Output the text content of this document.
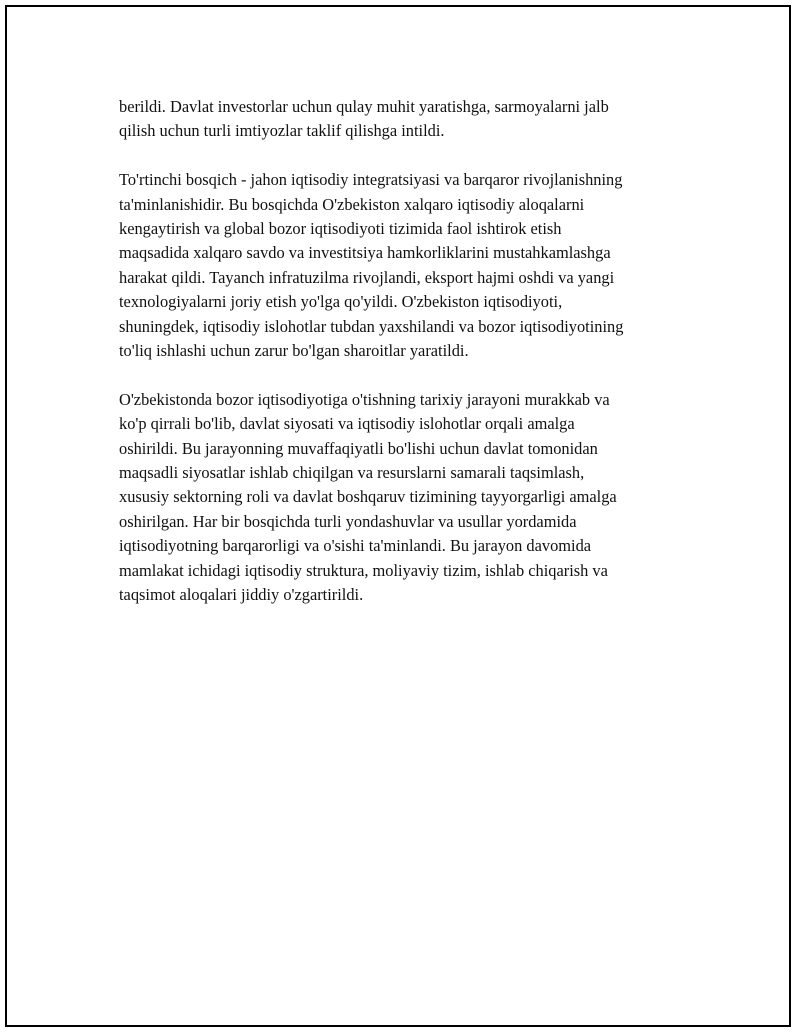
berildi. Davlat investorlar uchun qulay muhit yaratishga, sarmoyalarni jalb
qilish uchun turli imtiyozlar taklif qilishga intildi.

To'rtinchi bosqich - jahon iqtisodiy integratsiyasi va barqaror rivojlanishning
ta'minlanishidir. Bu bosqichda O'zbekiston xalqaro iqtisodiy aloqalarni
kengaytirish va global bozor iqtisodiyoti tizimida faol ishtirok etish
maqsadida xalqaro savdo va investitsiya hamkorliklarini mustahkamlashga
harakat qildi. Tayanch infratuzilma rivojlandi, eksport hajmi oshdi va yangi
texnologiyalarni joriy etish yo'lga qo'yildi. O'zbekiston iqtisodiyoti,
shuningdek, iqtisodiy islohotlar tubdan yaxshilandi va bozor iqtisodiyotining
to'liq ishlashi uchun zarur bo'lgan sharoitlar yaratildi.

O'zbekistonda bozor iqtisodiyotiga o'tishning tarixiy jarayoni murakkab va
ko'p qirrali bo'lib, davlat siyosati va iqtisodiy islohotlar orqali amalga
oshirildi. Bu jarayonning muvaffaqiyatli bo'lishi uchun davlat tomonidan
maqsadli siyosatlar ishlab chiqilgan va resurslarni samarali taqsimlash,
xususiy sektorning roli va davlat boshqaruv tizimining tayyorgarligi amalga
oshirilgan. Har bir bosqichda turli yondashuvlar va usullar yordamida
iqtisodiyotning barqarorligi va o'sishi ta'minlandi. Bu jarayon davomida
mamlakat ichidagi iqtisodiy struktura, moliyaviy tizim, ishlab chiqarish va
taqsimot aloqalari jiddiy o'zgartirildi.
